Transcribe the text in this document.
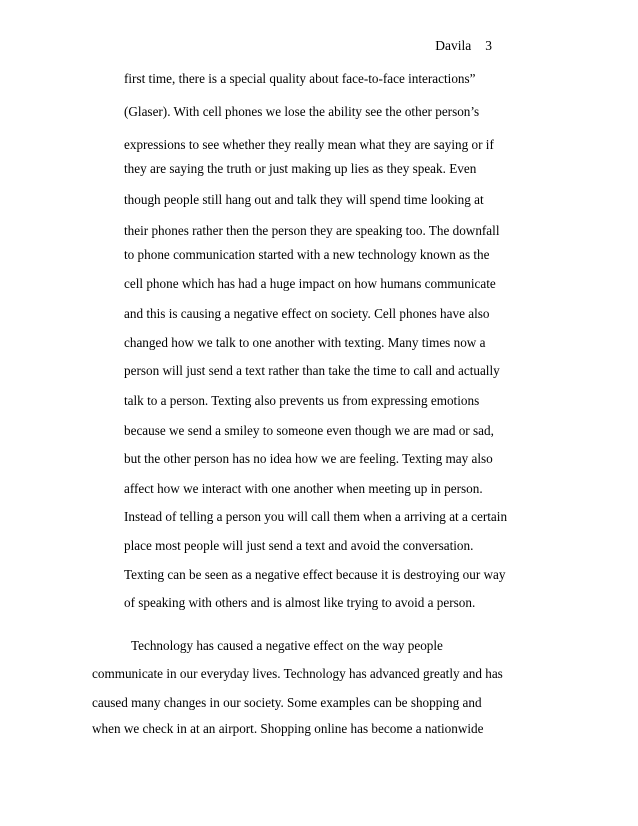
Davila 3
first time, there is a special quality about face-to-face interactions”
(Glaser). With cell phones we lose the ability see the other person’s
expressions to see whether they really mean what they are saying or if
they are saying the truth or just making up lies as they speak. Even
though people still hang out and talk they will spend time looking at
their phones rather then the person they are speaking too. The downfall
to phone communication started with a new technology known as the
cell phone which has had a huge impact on how humans communicate
and this is causing a negative effect on society. Cell phones have also
changed how we talk to one another with texting. Many times now a
person will just send a text rather than take the time to call and actually
talk to a person. Texting also prevents us from expressing emotions
because we send a smiley to someone even though we are mad or sad,
but the other person has no idea how we are feeling. Texting may also
affect how we interact with one another when meeting up in person.
Instead of telling a person you will call them when a arriving at a certain
place most people will just send a text and avoid the conversation.
Texting can be seen as a negative effect because it is destroying our way
of speaking with others and is almost like trying to avoid a person.
Technology has caused a negative effect on the way people
communicate in our everyday lives. Technology has advanced greatly and has
caused many changes in our society. Some examples can be shopping and
when we check in at an airport. Shopping online has become a nationwide
